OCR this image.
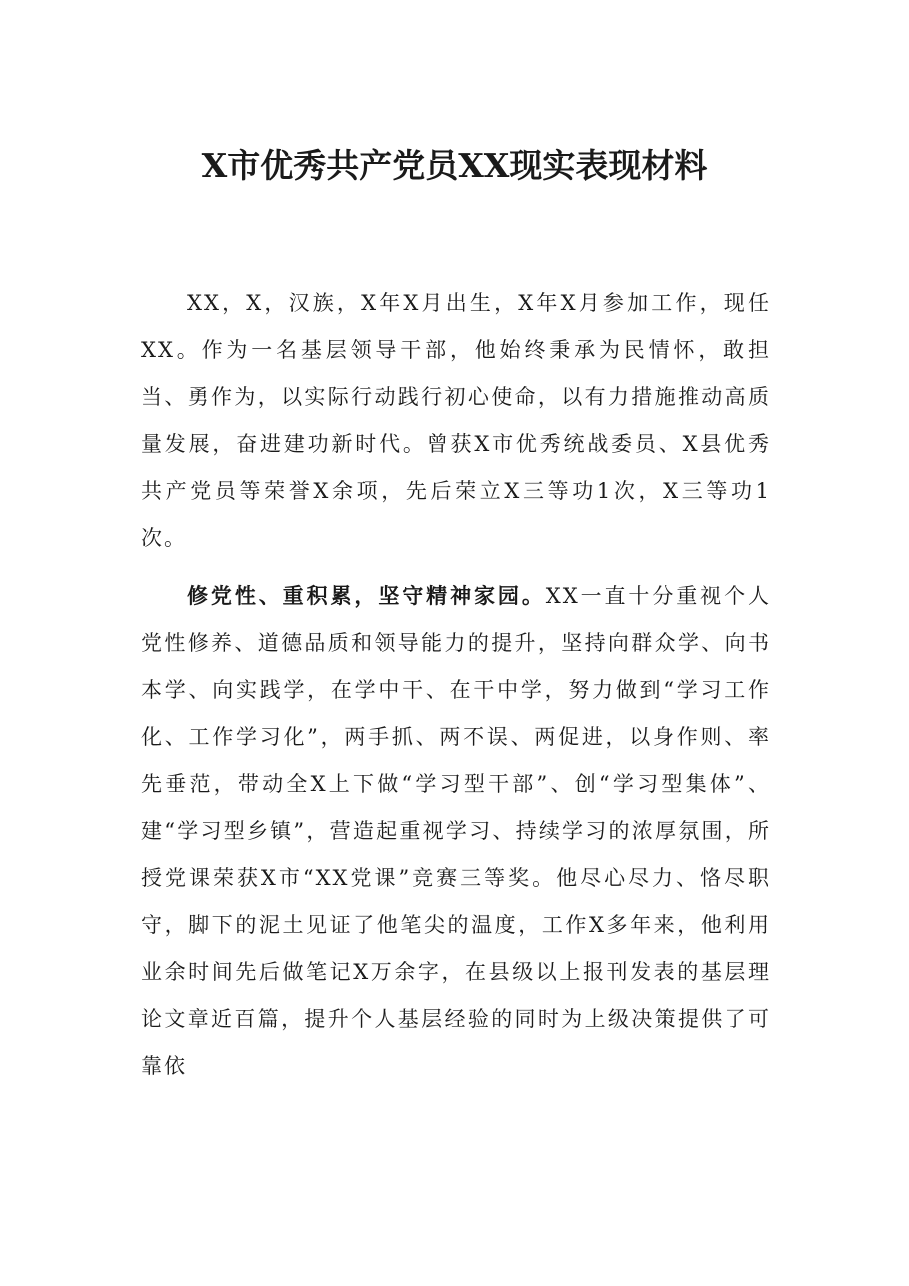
X市优秀共产党员XX现实表现材料

XX，X，汉族，X年X月出生，X年X月参加工作，现任XX。作为一名基层领导干部，他始终秉承为民情怀，敢担当、勇作为，以实际行动践行初心使命，以有力措施推动高质量发展，奋进建功新时代。曾获X市优秀统战委员、X县优秀共产党员等荣誉X余项，先后荣立X三等功1次，X三等功1次。

修党性、重积累，坚守精神家园。XX一直十分重视个人党性修养、道德品质和领导能力的提升，坚持向群众学、向书本学、向实践学，在学中干、在干中学，努力做到“学习工作化、工作学习化”，两手抓、两不误、两促进，以身作则、率先垂范，带动全X上下做“学习型干部”、创“学习型集体”、建“学习型乡镇”，营造起重视学习、持续学习的浓厚氛围，所授党课荣获X市“XX党课”竞赛三等奖。他尽心尽力、恪尽职守，脚下的泥土见证了他笔尖的温度，工作X多年来，他利用业余时间先后做笔记X万余字，在县级以上报刊发表的基层理论文章近百篇，提升个人基层经验的同时为上级决策提供了可靠依
